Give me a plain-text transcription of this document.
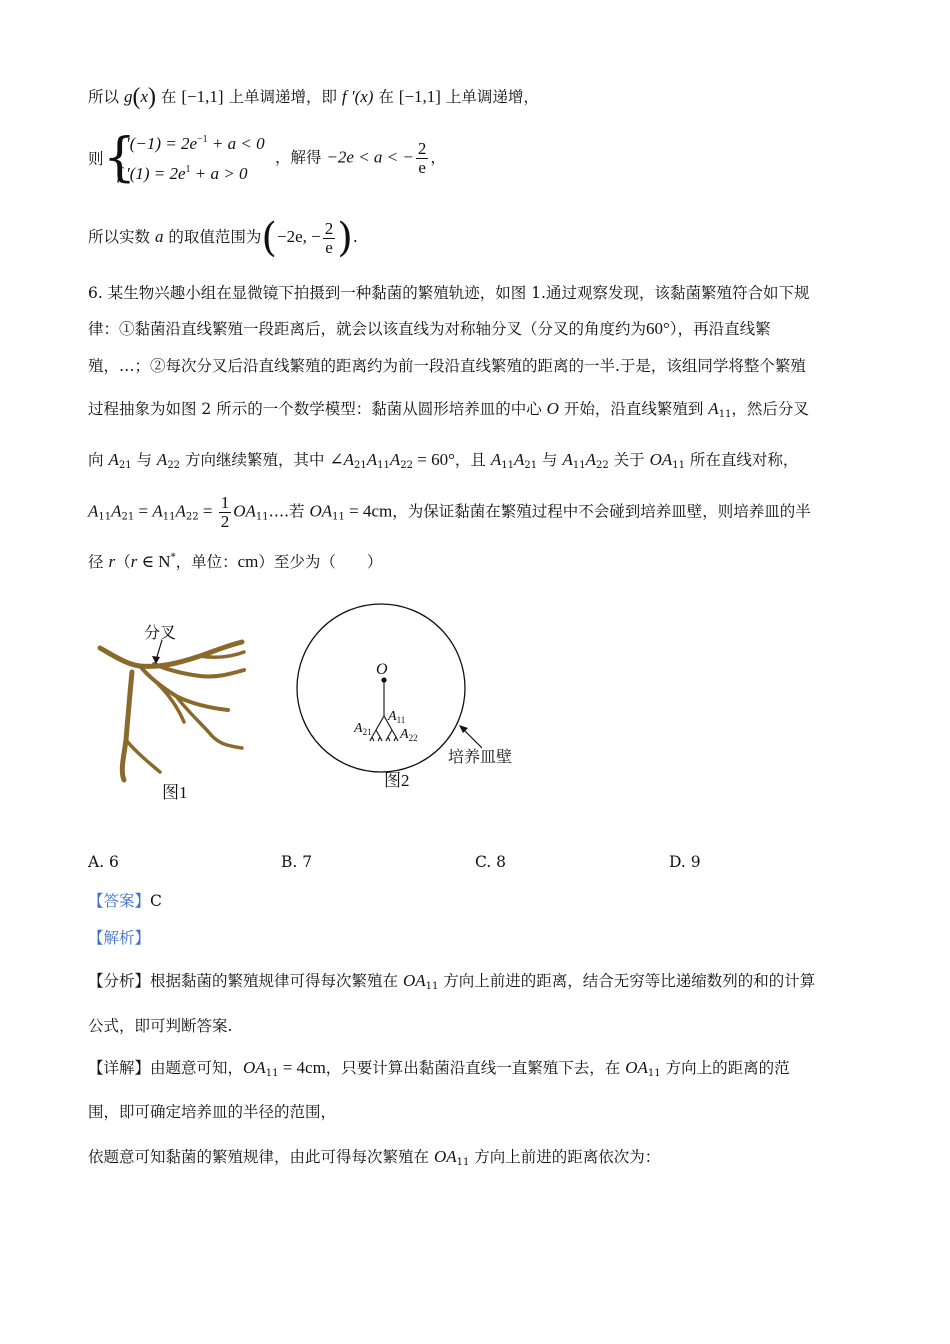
所以 g(x) 在 [−1,1] 上单调递增，即 f ′(x) 在 [−1,1] 上单调递增，
则 {
f $'(-1) = 2e^{-1} + a < 0$
f $'(1) = 2e^1 + a > 0$
，解得 −2e < a < − $\frac{2}{e}$ ，
所以实数 a 的取值范围为(−2e, − $\frac{2}{e}$ ).
6. 某生物兴趣小组在显微镜下拍摄到一种黏菌的繁殖轨迹，如图 1.通过观察发现，该黏菌繁殖符合如下规
律：①黏菌沿直线繁殖一段距离后，就会以该直线为对称轴分叉（分叉的角度约为60°），再沿直线繁
殖，…；②每次分叉后沿直线繁殖的距离约为前一段沿直线繁殖的距离的一半.于是，该组同学将整个繁殖
过程抽象为如图 2 所示的一个数学模型：黏菌从圆形培养皿的中心 O 开始，沿直线繁殖到 $A_{11}$，然后分叉
向 $A_{21}$ 与 $A_{22}$ 方向继续繁殖，其中 $\angle A_{21}A_{11}A_{22} = 60^\circ$，且 $A_{11}A_{21}$ 与 $A_{11}A_{22}$ 关于 $OA_{11}$ 所在直线对称，
$A_{11}A_{21} = A_{11}A_{22} = \frac{1}{2}$ $OA_{11}\dots$.若 $OA_{11} = 4cm$，为保证黏菌在繁殖过程中不会碰到培养皿壁，则培养皿的半
径 r（r ∈ N*，单位：cm）至少为（　　）
分叉
图1
O
$A_{11}$
$A_{21}$ $A_{22}$
培养皿壁
图2
A. 6	B. 7	C. 8	D. 9
【答案】C
【解析】
【分析】根据黏菌的繁殖规律可得每次繁殖在 $OA_{11}$ 方向上前进的距离，结合无穷等比递缩数列的和的计算
公式，即可判断答案.
【详解】由题意可知，$OA_{11} = 4cm$，只要计算出黏菌沿直线一直繁殖下去，在 $OA_{11}$ 方向上的距离的范
围，即可确定培养皿的半径的范围，
依题意可知黏菌的繁殖规律，由此可得每次繁殖在 $OA_{11}$ 方向上前进的距离依次为：
